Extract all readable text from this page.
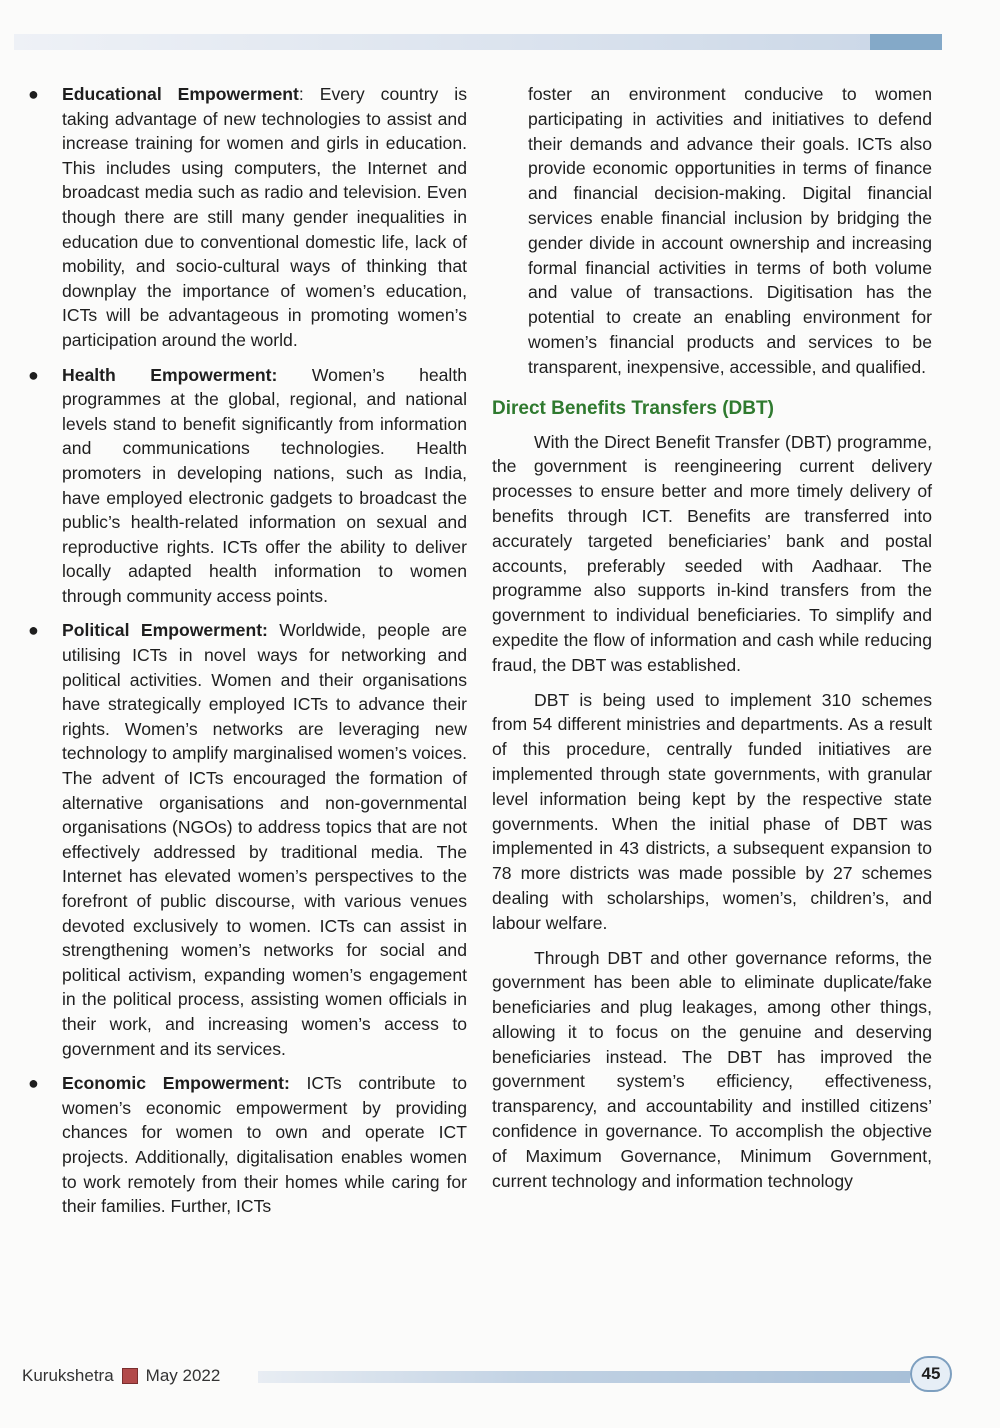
● Educational Empowerment: Every country is taking advantage of new technologies to assist and increase training for women and girls in education. This includes using computers, the Internet and broadcast media such as radio and television. Even though there are still many gender inequalities in education due to conventional domestic life, lack of mobility, and socio-cultural ways of thinking that downplay the importance of women’s education, ICTs will be advantageous in promoting women’s participation around the world.
● Health Empowerment: Women’s health programmes at the global, regional, and national levels stand to benefit significantly from information and communications technologies. Health promoters in developing nations, such as India, have employed electronic gadgets to broadcast the public’s health-related information on sexual and reproductive rights. ICTs offer the ability to deliver locally adapted health information to women through community access points.
● Political Empowerment: Worldwide, people are utilising ICTs in novel ways for networking and political activities. Women and their organisations have strategically employed ICTs to advance their rights. Women’s networks are leveraging new technology to amplify marginalised women’s voices. The advent of ICTs encouraged the formation of alternative organisations and non-governmental organisations (NGOs) to address topics that are not effectively addressed by traditional media. The Internet has elevated women’s perspectives to the forefront of public discourse, with various venues devoted exclusively to women. ICTs can assist in strengthening women’s networks for social and political activism, expanding women’s engagement in the political process, assisting women officials in their work, and increasing women’s access to government and its services.
● Economic Empowerment: ICTs contribute to women’s economic empowerment by providing chances for women to own and operate ICT projects. Additionally, digitalisation enables women to work remotely from their homes while caring for their families. Further, ICTs

foster an environment conducive to women participating in activities and initiatives to defend their demands and advance their goals. ICTs also provide economic opportunities in terms of finance and financial decision-making. Digital financial services enable financial inclusion by bridging the gender divide in account ownership and increasing formal financial activities in terms of both volume and value of transactions. Digitisation has the potential to create an enabling environment for women’s financial products and services to be transparent, inexpensive, accessible, and qualified.

Direct Benefits Transfers (DBT)

With the Direct Benefit Transfer (DBT) programme, the government is reengineering current delivery processes to ensure better and more timely delivery of benefits through ICT. Benefits are transferred into accurately targeted beneficiaries’ bank and postal accounts, preferably seeded with Aadhaar. The programme also supports in-kind transfers from the government to individual beneficiaries. To simplify and expedite the flow of information and cash while reducing fraud, the DBT was established.

DBT is being used to implement 310 schemes from 54 different ministries and departments. As a result of this procedure, centrally funded initiatives are implemented through state governments, with granular level information being kept by the respective state governments. When the initial phase of DBT was implemented in 43 districts, a subsequent expansion to 78 more districts was made possible by 27 schemes dealing with scholarships, women’s, children’s, and labour welfare.

Through DBT and other governance reforms, the government has been able to eliminate duplicate/fake beneficiaries and plug leakages, among other things, allowing it to focus on the genuine and deserving beneficiaries instead. The DBT has improved the government system’s efficiency, effectiveness, transparency, and accountability and instilled citizens’ confidence in governance. To accomplish the objective of Maximum Governance, Minimum Government, current technology and information technology

Kurukshetra May 2022	45
